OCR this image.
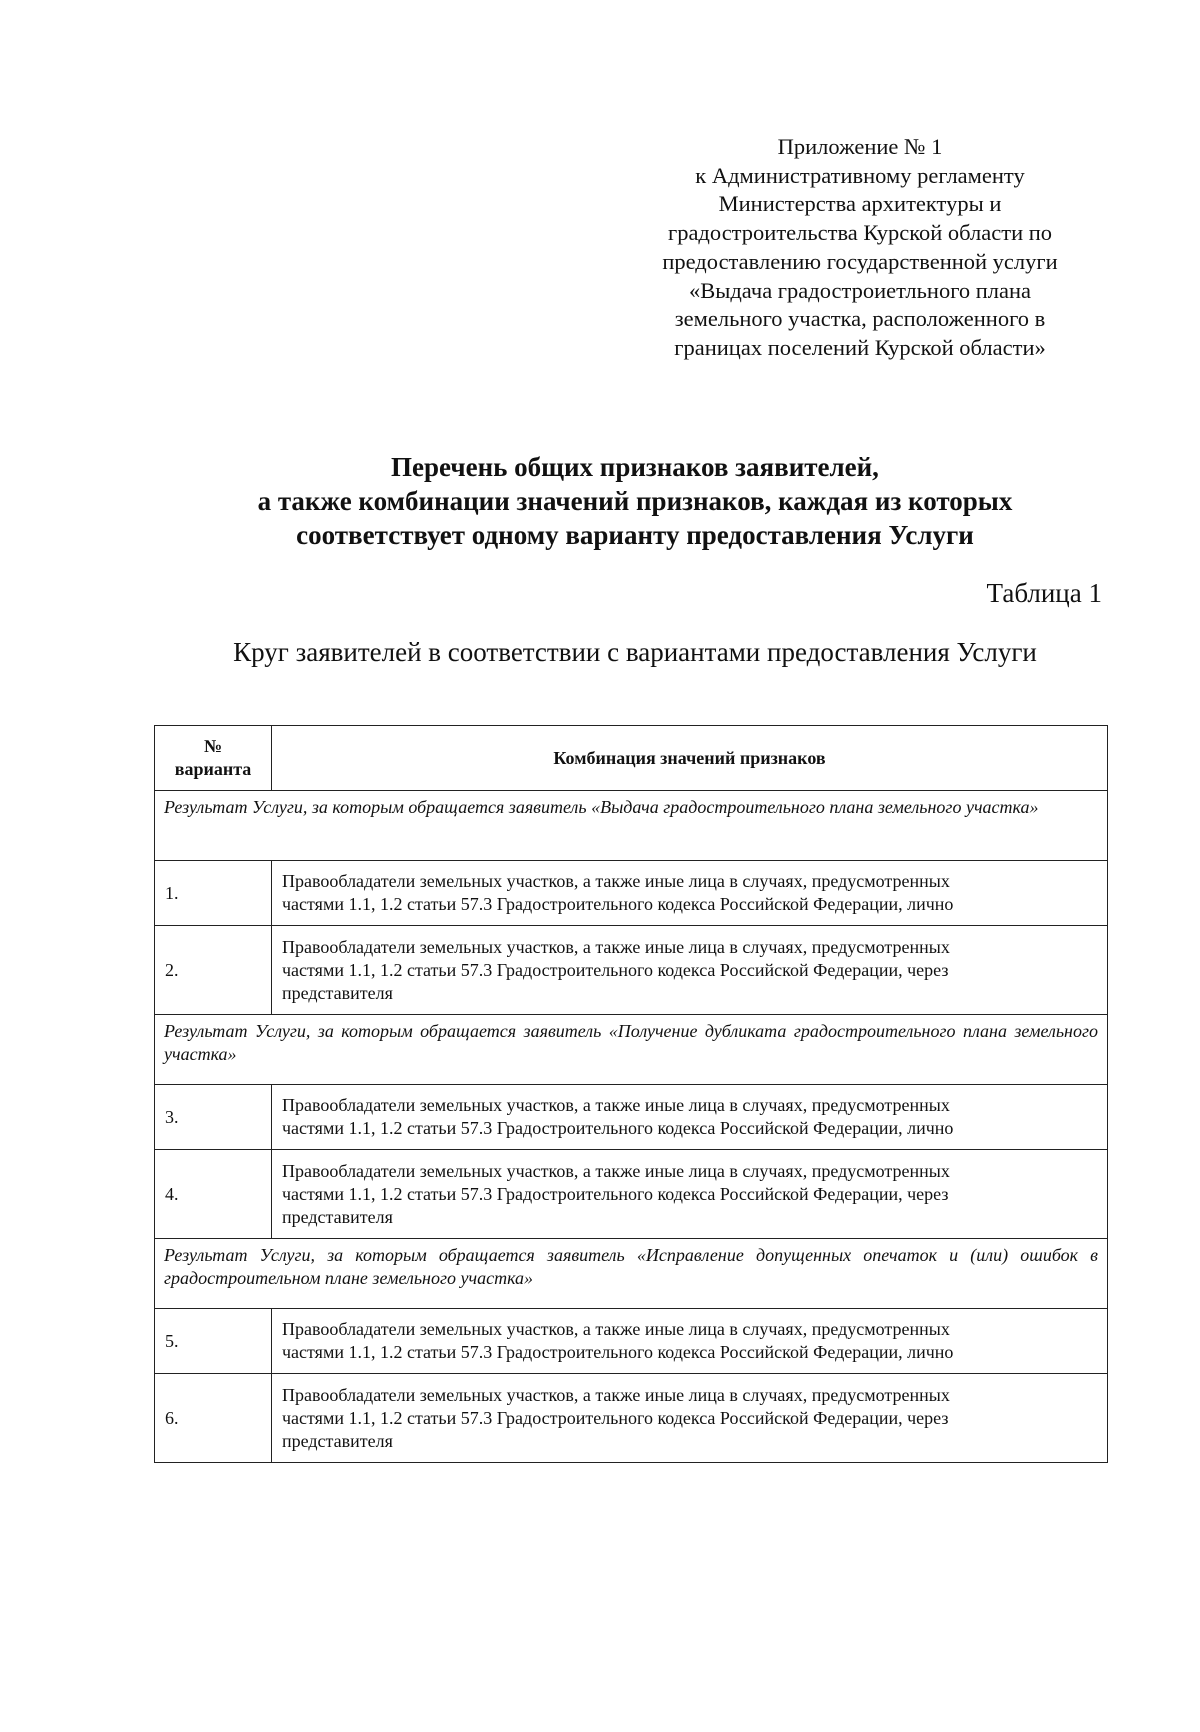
Приложение № 1
к Административному регламенту
Министерства архитектуры и
градостроительства Курской области по
предоставлению государственной услуги
«Выдача градостроиетльного плана
земельного участка, расположенного в
границах поселений Курской области»
Перечень общих признаков заявителей,
а также комбинации значений признаков, каждая из которых
соответствует одному варианту предоставления Услуги
Таблица 1
Круг заявителей в соответствии с вариантами предоставления Услуги
№ варианта	Комбинация значений признаков
Результат Услуги, за которым обращается заявитель «Выдача градостроительного плана земельного участка»	
1.	Правообладатели земельных участков, а также иные лица в случаях, предусмотренных
частями 1.1, 1.2 статьи 57.3 Градостроительного кодекса Российской Федерации, лично

2.	Правообладатели земельных участков, а также иные лица в случаях, предусмотренных
частями 1.1, 1.2 статьи 57.3 Градостроительного кодекса Российской Федерации, через
представителя

Результат Услуги, за которым обращается заявитель «Получение дубликата градостроительного плана земельного участка»	
3.	Правообладатели земельных участков, а также иные лица в случаях, предусмотренных
частями 1.1, 1.2 статьи 57.3 Градостроительного кодекса Российской Федерации, лично

4.	Правообладатели земельных участков, а также иные лица в случаях, предусмотренных
частями 1.1, 1.2 статьи 57.3 Градостроительного кодекса Российской Федерации, через
представителя

Результат Услуги, за которым обращается заявитель «Исправление допущенных опечаток и (или) ошибок в градостроительном плане земельного участка»	
5.	Правообладатели земельных участков, а также иные лица в случаях, предусмотренных
частями 1.1, 1.2 статьи 57.3 Градостроительного кодекса Российской Федерации, лично

6.	Правообладатели земельных участков, а также иные лица в случаях, предусмотренных
частями 1.1, 1.2 статьи 57.3 Градостроительного кодекса Российской Федерации, через
представителя
